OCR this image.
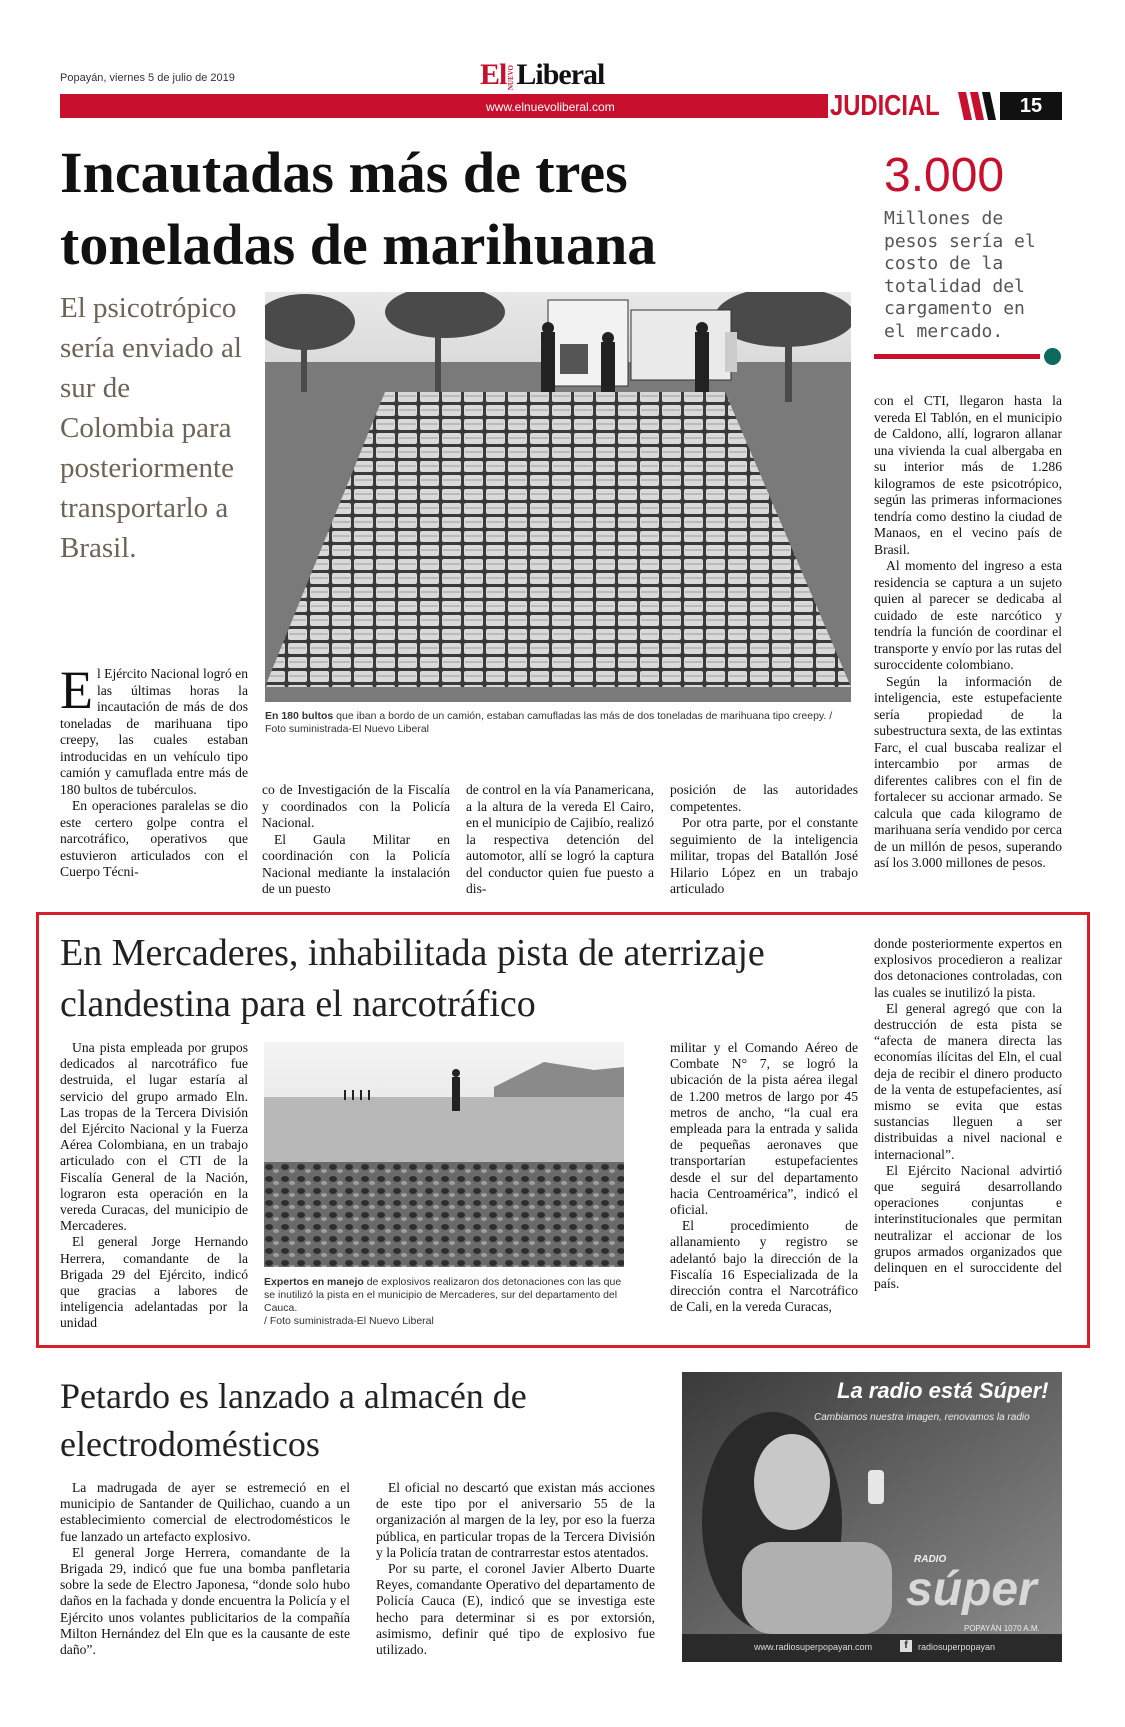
Popayán, viernes 5 de julio de 2019	ElNUEVOLiberal
www.elnuevoliberal.com	JUDICIAL	15
Incautadas más de tres toneladas de marihuana
3.000
Millones de pesos sería el costo de la totalidad del cargamento en el mercado.
El psicotrópico sería enviado al sur de Colombia para posteriormente transportarlo a Brasil.
En 180 bultos que iban a bordo de un camión, estaban camufladas las más de dos toneladas de marihuana tipo creepy. / Foto suministrada-El Nuevo Liberal
E l Ejército Nacional logró en las últimas horas la incautación de más de dos toneladas de marihuana tipo creepy, las cuales estaban introducidas en un vehículo tipo camión y camuflada entre más de 180 bultos de tubérculos.

En operaciones paralelas se dio este certero golpe contra el narcotráfico, operativos que estuvieron articulados con el Cuerpo Técni-

co de Investigación de la Fiscalía y coordinados con la Policía Nacional.

El Gaula Militar en coordinación con la Policía Nacional mediante la instalación de un puesto

de control en la vía Panamericana, a la altura de la vereda El Cairo, en el municipio de Cajibío, realizó la respectiva detención del automotor, allí se logró la captura del conductor quien fue puesto a dis-

posición de las autoridades competentes.

Por otra parte, por el constante seguimiento de la inteligencia militar, tropas del Batallón José Hilario López en un trabajo articulado

con el CTI, llegaron hasta la vereda El Tablón, en el municipio de Caldono, allí, lograron allanar una vivienda la cual albergaba en su interior más de 1.286 kilogramos de este psicotrópico, según las primeras informaciones tendría como destino la ciudad de Manaos, en el vecino país de Brasil.

Al momento del ingreso a esta residencia se captura a un sujeto quien al parecer se dedicaba al cuidado de este narcótico y tendría la función de coordinar el transporte y envío por las rutas del suroccidente colombiano.

Según la información de inteligencia, este estupefaciente sería propiedad de la subestructura sexta, de las extintas Farc, el cual buscaba realizar el intercambio por armas de diferentes calibres con el fin de fortalecer su accionar armado. Se calcula que cada kilogramo de marihuana sería vendido por cerca de un millón de pesos, superando así los 3.000 millones de pesos.

En Mercaderes, inhabilitada pista de aterrizaje clandestina para el narcotráfico
Expertos en manejo de explosivos realizaron dos detonaciones con las que se inutilizó la pista en el municipio de Mercaderes, sur del departamento del Cauca.
/ Foto suministrada-El Nuevo Liberal

Una pista empleada por grupos dedicados al narcotráfico fue destruida, el lugar estaría al servicio del grupo armado Eln. Las tropas de la Tercera División del Ejército Nacional y la Fuerza Aérea Colombiana, en un trabajo articulado con el CTI de la Fiscalía General de la Nación, lograron esta operación en la vereda Curacas, del municipio de Mercaderes.

El general Jorge Hernando Herrera, comandante de la Brigada 29 del Ejército, indicó que gracias a labores de inteligencia adelantadas por la unidad

militar y el Comando Aéreo de Combate N° 7, se logró la ubicación de la pista aérea ilegal de 1.200 metros de largo por 45 metros de ancho, “la cual era empleada para la entrada y salida de pequeñas aeronaves que transportarían estupefacientes desde el sur del departamento hacia Centroamérica”, indicó el oficial.

El procedimiento de allanamiento y registro se adelantó bajo la dirección de la Fiscalía 16 Especializada de la dirección contra el Narcotráfico de Cali, en la vereda Curacas,

donde posteriormente expertos en explosivos procedieron a realizar dos detonaciones controladas, con las cuales se inutilizó la pista.

El general agregó que con la destrucción de esta pista se “afecta de manera directa las economías ilícitas del Eln, el cual deja de recibir el dinero producto de la venta de estupefacientes, así mismo se evita que estas sustancias lleguen a ser distribuidas a nivel nacional e internacional”.

El Ejército Nacional advirtió que seguirá desarrollando operaciones conjuntas e interinstitucionales que permitan neutralizar el accionar de los grupos armados organizados que delinquen en el suroccidente del país.

Petardo es lanzado a almacén de electrodomésticos

La madrugada de ayer se estremeció en el municipio de Santander de Quilichao, cuando a un establecimiento comercial de electrodomésticos le fue lanzado un artefacto explosivo.

El general Jorge Herrera, comandante de la Brigada 29, indicó que fue una bomba panfletaria sobre la sede de Electro Japonesa, “donde solo hubo daños en la fachada y donde encuentra la Policía y el Ejército unos volantes publicitarios de la compañía Milton Hernández del Eln que es la causante de este daño”.

El oficial no descartó que existan más acciones de este tipo por el aniversario 55 de la organización al margen de la ley, por eso la fuerza pública, en particular tropas de la Tercera División y la Policía tratan de contrarrestar estos atentados.

Por su parte, el coronel Javier Alberto Duarte Reyes, comandante Operativo del departamento de Policía Cauca (E), indicó que se investiga este hecho para determinar si es por extorsión, asimismo, definir qué tipo de explosivo fue utilizado.

La radio está Súper!
Cambiamos nuestra imagen, renovamos la radio
RADIO
súper
POPAYÁN 1070 A.M.
www.radiosuperpopayan.com	f	radiosuperpopayan
